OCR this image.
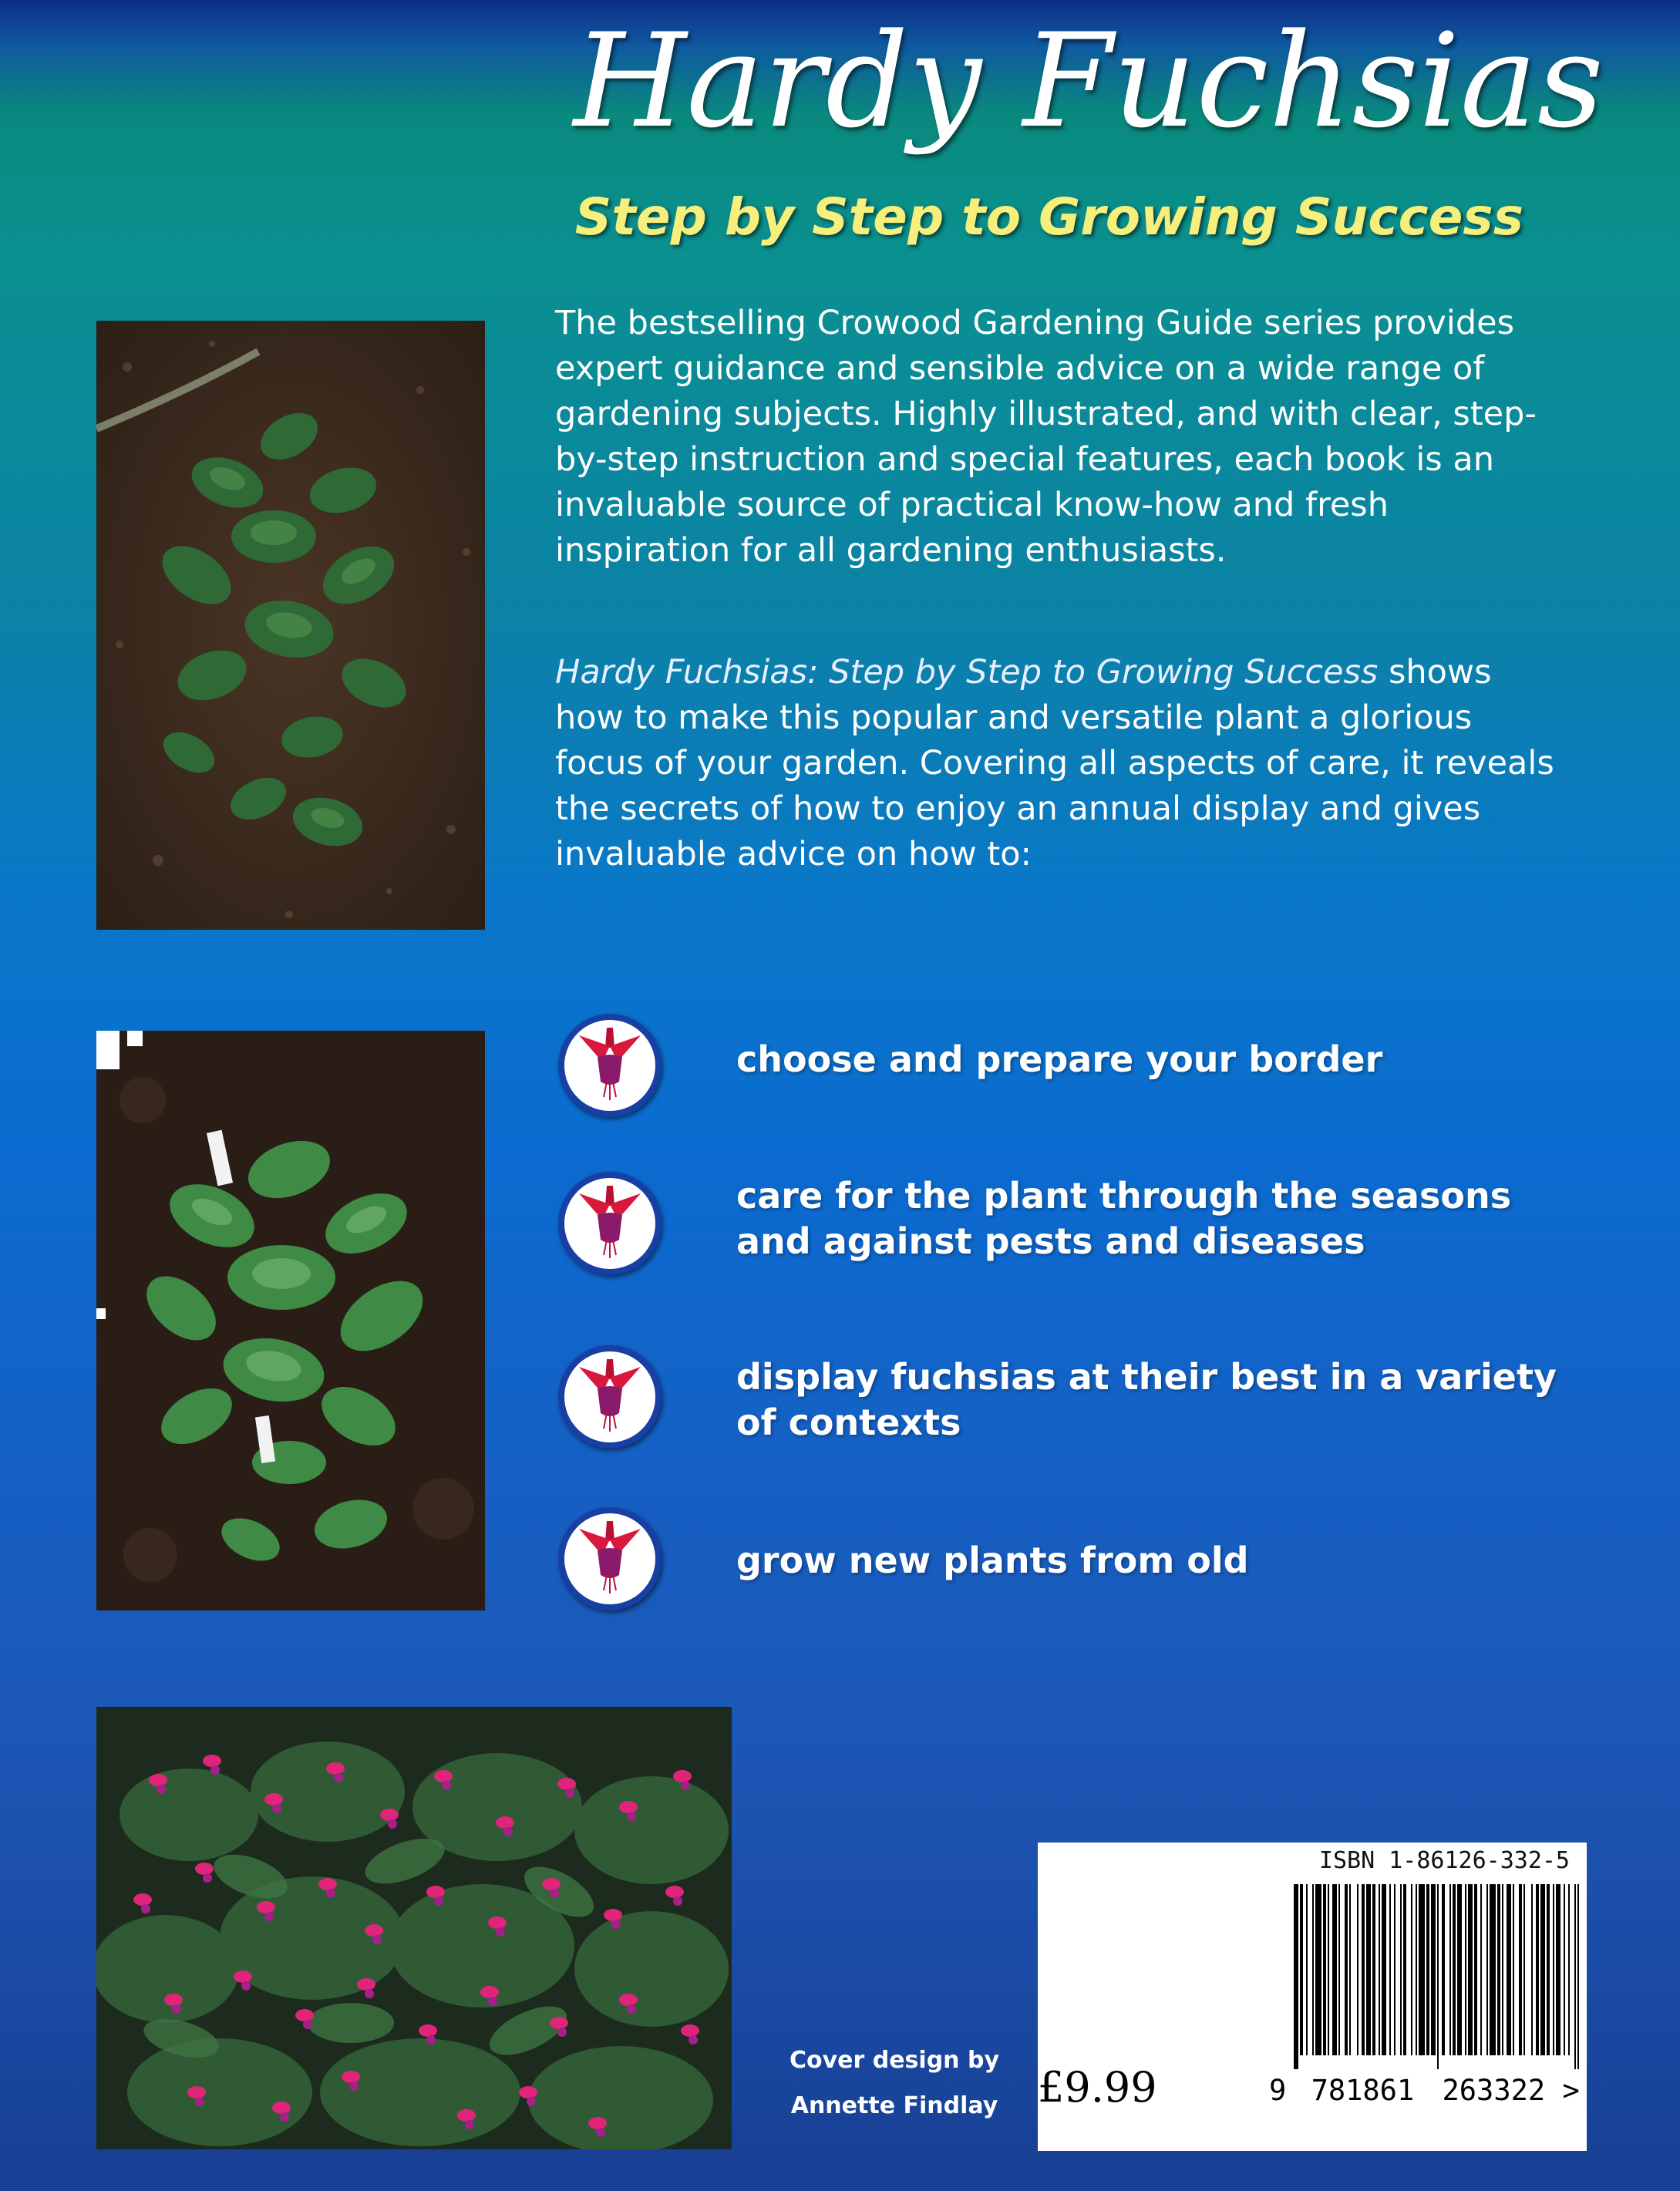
Hardy Fuchsias
Step by Step to Growing Success

The bestselling Crowood Gardening Guide series provides expert guidance and sensible advice on a wide range of gardening subjects. Highly illustrated, and with clear, step-by-step instruction and special features, each book is an invaluable source of practical know-how and fresh inspiration for all gardening enthusiasts.

Hardy Fuchsias: Step by Step to Growing Success shows how to make this popular and versatile plant a glorious focus of your garden. Covering all aspects of care, it reveals the secrets of how to enjoy an annual display and gives invaluable advice on how to:

choose and prepare your border
care for the plant through the seasons
and against pests and diseases
display fuchsias at their best in a variety
of contexts
grow new plants from old
Cover design by
Annette Findlay
ISBN 1-86126-332-5
£9.99	9 781861 263322 >
